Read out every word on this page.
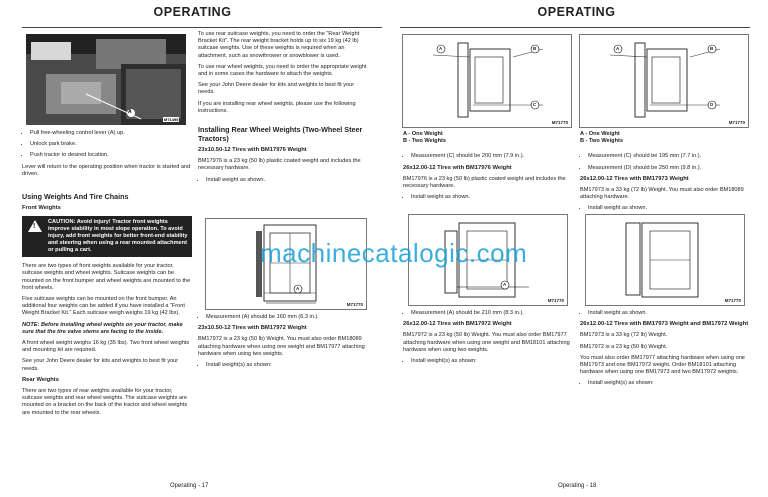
OPERATING
A
M71495
• Pull free-wheeling control lever (A) up.
• Unlock park brake.
• Push tractor to desired location.

Lever will return to the operating position when tractor is started and driven.

Using Weights And Tire Chains
Front Weights
!
CAUTION: Avoid injury! Tractor front weights improve stability in most slope operation. To avoid injury, add front weights for better front-end stability and steering when using a rear mounted attachment or pulling a cart.

There are two types of front weights available for your tractor, suitcase weights and wheel weights. Suitcase weights can be mounted on the front bumper and wheel weights are mounted to the front wheels.

Five suitcase weights can be mounted on the front bumper. An additional four weights can be added if you have installed a “Front Weight Bracket Kit.” Each suitcase weigh weighs 19 kg (42 lbs).

NOTE: Before installing wheel weights on your tractor, make sure that the tire valve stems are facing to the inside.

A front wheel weight weighs 16 kg (35 lbs). Two front wheel weights and mounting kit are required.

See your John Deere dealer for kits and weights to best fit your needs.

Rear Weights

There are two types of rear weights available for your tractor, suitcase weights and rear wheel weights. The suitcase weights are mounted on a bracket on the back of the tractor and wheel weights are mounted to the rear wheels.

To use rear suitcase weights, you need to order the “Rear Weight Bracket Kit”. The rear weight bracket holds up to six 19 kg (42 lb) suitcase weights. Use of these weights is required when an attachment, such as snowthrower or snowblower is used.

To use rear wheel weights, you need to order the appropriate weight and in some cases the hardware to attach the weights.

See your John Deere dealer for kits and weights to best fit your needs.

If you are installing rear wheel weights, please use the following instructions.

Installing Rear Wheel Weights (Two-Wheel Steer Tractors)
23x10.50-12 Tires with BM17976 Weight

BM17976 is a 23 kg (50 lb) plastic coated weight and includes the necessary hardware.

• Install weight as shown.
A
M71770
• Measurement (A) should be 160 mm (6.3 in.).
23x10.50-12 Tires with BM17972 Weight

BM17972 is a 23 kg (50 lb) Weight. You must also order BM18089 attaching hardware when using one weight and BM17977 attaching hardware when using two weights.

• Install weight(s) as shown:
Operating - 17
OPERATING
A	B
C
M71770
A	B
D
M71770
A - One Weight
B - Two Weights
• Measurement (C) should be 200 mm (7.9 in.).
26x12.00-12 Tires with BM17976 Weight

BM17976 is a 23 kg (50 lb) plastic coated weight and includes the necessary hardware.

• Install weight as shown.
A - One Weight
B - Two Weights
• Measurement (C) should be 195 mm (7.7 in.).
• Measurement (D) should be 250 mm (9.8 in.).
26x12.00-12 Tires with BM17973 Weight

BM17973 is a 33 kg (72 lb) Weight. You must also order BM18089 attaching hardware.

• Install weight as shown.
A
M71770	M71770
• Measurement (A) should be 210 mm (8.3 in.).
26x12.00-12 Tires with BM17972 Weight

BM17972 is a 23 kg (50 lb) Weight. You must also order BM17977 attaching hardware when using one weight and BM18101 attaching hardware when using two weights.

• Install weight(s) as shown:
• Install weight as shown.
26x12.00-12 Tires with BM17973 Weight and BM17972 Weight

BM17973 is a 33 kg (72 lb) Weight.

BM17972 is a 23 kg (50 lb) Weight.

You must also order BM17977 attaching hardware when using one BM17973 and one BM17972 weight. Order BM18101 attaching hardware when using one BM17973 and two BM17972 weights.

• Install weight(s) as shown:
Operating - 18
machinecatalogic.com
